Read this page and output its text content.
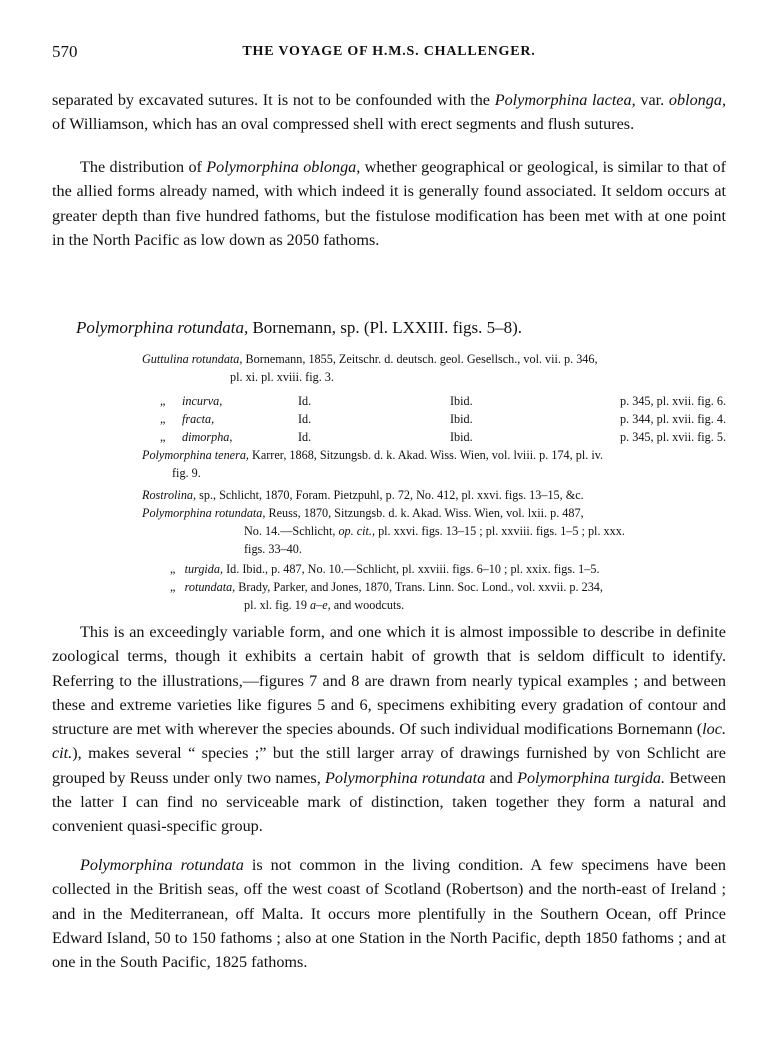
570	THE VOYAGE OF H.M.S. CHALLENGER.
separated by excavated sutures. It is not to be confounded with the Polymorphina lactea, var. oblonga, of Williamson, which has an oval compressed shell with erect segments and flush sutures.
The distribution of Polymorphina oblonga, whether geographical or geological, is similar to that of the allied forms already named, with which indeed it is generally found associated. It seldom occurs at greater depth than five hundred fathoms, but the fistulose modification has been met with at one point in the North Pacific as low down as 2050 fathoms.
Polymorphina rotundata, Bornemann, sp. (Pl. LXXIII. figs. 5–8).
Guttulina rotundata, Bornemann, 1855, Zeitschr. d. deutsch. geol. Gesellsch., vol. vii. p. 346,
pl. xi. pl. xviii. fig. 3.
„	incurva,	Id.	Ibid.	p. 345, pl. xvii. fig. 6.
„	fracta,	Id.	Ibid.	p. 344, pl. xvii. fig. 4.
„	dimorpha,	Id.	Ibid.	p. 345, pl. xvii. fig. 5.
Polymorphina tenera, Karrer, 1868, Sitzungsb. d. k. Akad. Wiss. Wien, vol. lviii. p. 174, pl. iv.
fig. 9.
Rostrolina, sp., Schlicht, 1870, Foram. Pietzpuhl, p. 72, No. 412, pl. xxvi. figs. 13–15, &c.
Polymorphina rotundata, Reuss, 1870, Sitzungsb. d. k. Akad. Wiss. Wien, vol. lxii. p. 487,
No. 14.—Schlicht, op. cit., pl. xxvi. figs. 13–15 ; pl. xxviii. figs. 1–5 ; pl. xxx.
figs. 33–40.
„ turgida, Id. Ibid., p. 487, No. 10.—Schlicht, pl. xxviii. figs. 6–10 ; pl. xxix. figs. 1–5.
„ rotundata, Brady, Parker, and Jones, 1870, Trans. Linn. Soc. Lond., vol. xxvii. p. 234,
pl. xl. fig. 19 a–e, and woodcuts.
This is an exceedingly variable form, and one which it is almost impossible to describe in definite zoological terms, though it exhibits a certain habit of growth that is seldom difficult to identify. Referring to the illustrations,—figures 7 and 8 are drawn from nearly typical examples ; and between these and extreme varieties like figures 5 and 6, specimens exhibiting every gradation of contour and structure are met with wherever the species abounds. Of such individual modifications Bornemann (loc. cit.), makes several “ species ;” but the still larger array of drawings furnished by von Schlicht are grouped by Reuss under only two names, Polymorphina rotundata and Polymorphina turgida. Between the latter I can find no serviceable mark of distinction, taken together they form a natural and convenient quasi-specific group.
Polymorphina rotundata is not common in the living condition. A few specimens have been collected in the British seas, off the west coast of Scotland (Robertson) and the north-east of Ireland ; and in the Mediterranean, off Malta. It occurs more plentifully in the Southern Ocean, off Prince Edward Island, 50 to 150 fathoms ; also at one Station in the North Pacific, depth 1850 fathoms ; and at one in the South Pacific, 1825 fathoms.
